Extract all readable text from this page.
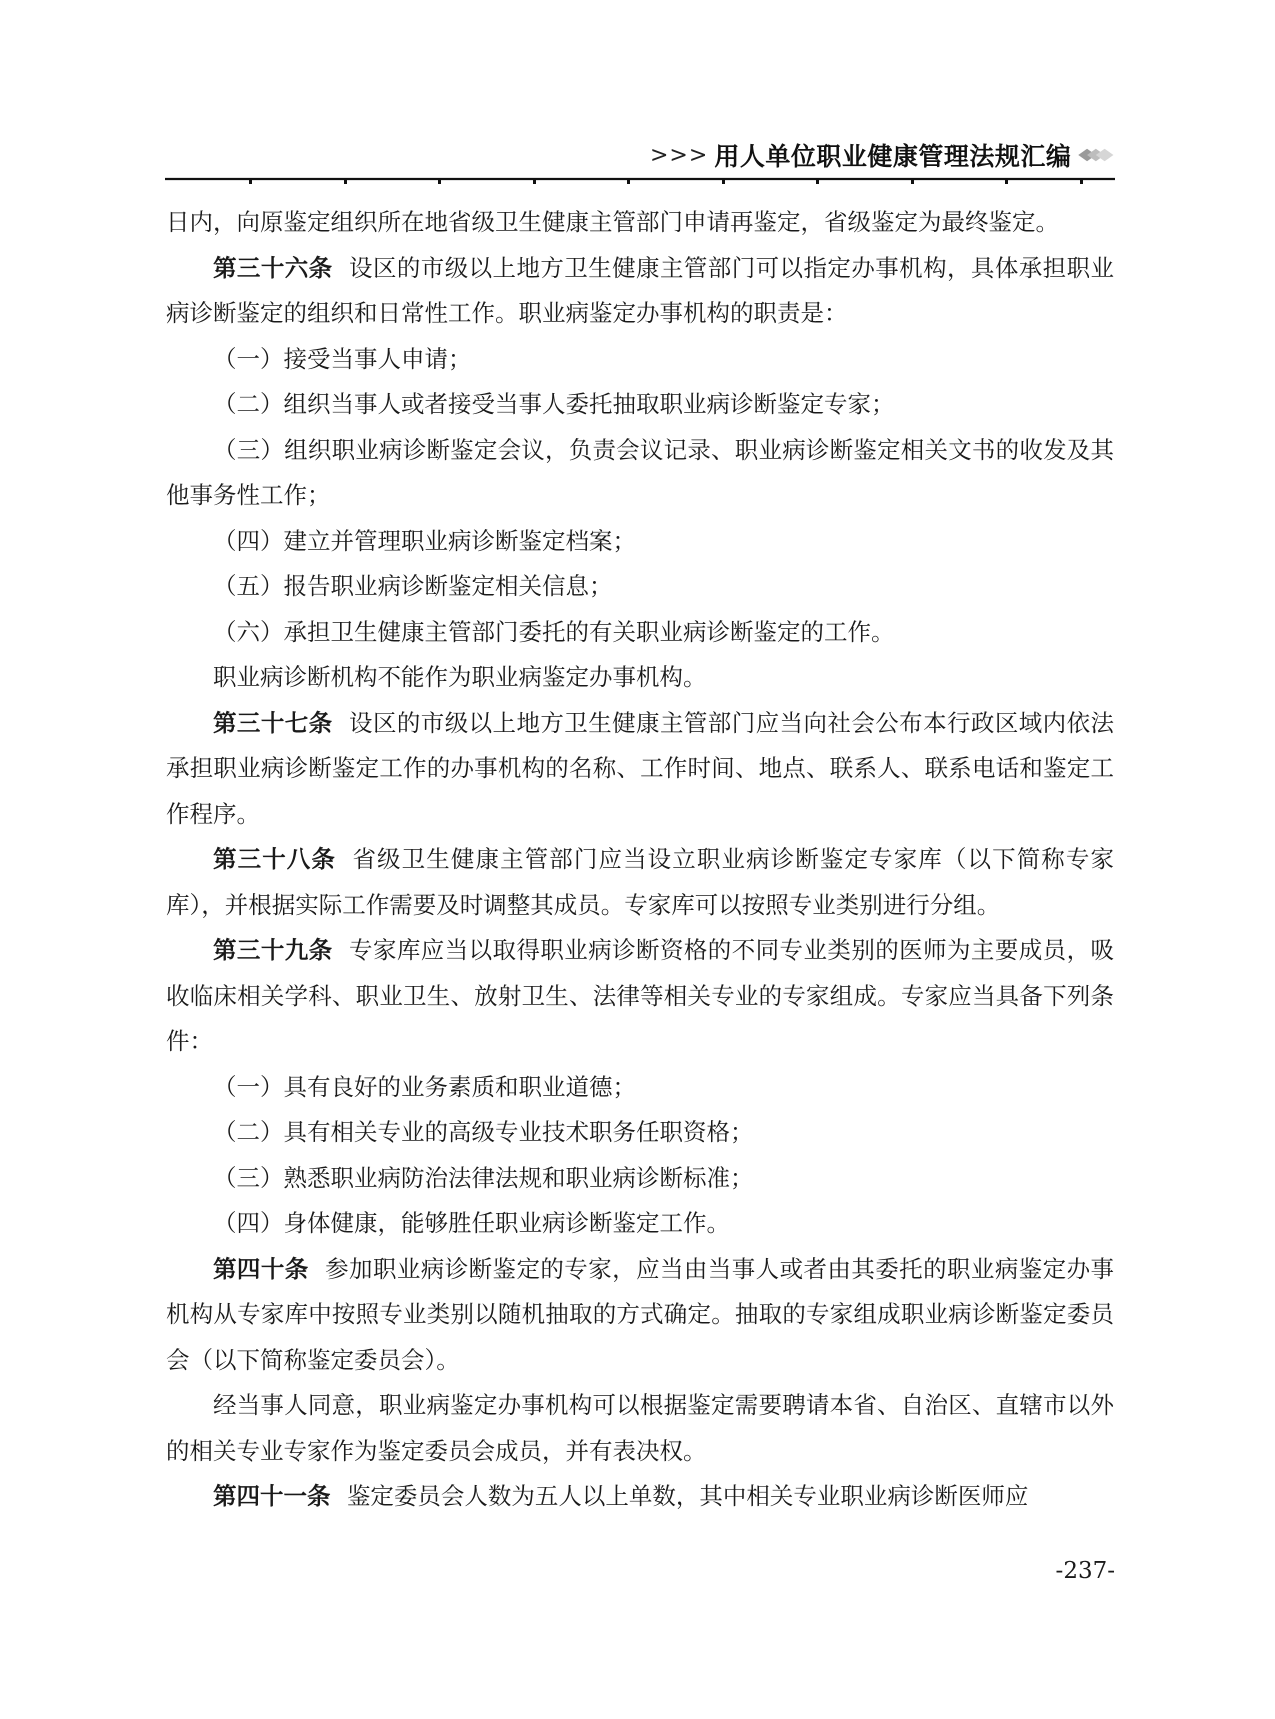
>>> 用人单位职业健康管理法规汇编

日内，向原鉴定组织所在地省级卫生健康主管部门申请再鉴定，省级鉴定为最终鉴定。

第三十六条 设区的市级以上地方卫生健康主管部门可以指定办事机构，具体承担职业病诊断鉴定的组织和日常性工作。职业病鉴定办事机构的职责是：

（一）接受当事人申请；

（二）组织当事人或者接受当事人委托抽取职业病诊断鉴定专家；

（三）组织职业病诊断鉴定会议，负责会议记录、职业病诊断鉴定相关文书的收发及其他事务性工作；

（四）建立并管理职业病诊断鉴定档案；

（五）报告职业病诊断鉴定相关信息；

（六）承担卫生健康主管部门委托的有关职业病诊断鉴定的工作。

职业病诊断机构不能作为职业病鉴定办事机构。

第三十七条 设区的市级以上地方卫生健康主管部门应当向社会公布本行政区域内依法承担职业病诊断鉴定工作的办事机构的名称、工作时间、地点、联系人、联系电话和鉴定工作程序。

第三十八条 省级卫生健康主管部门应当设立职业病诊断鉴定专家库（以下简称专家库），并根据实际工作需要及时调整其成员。专家库可以按照专业类别进行分组。

第三十九条 专家库应当以取得职业病诊断资格的不同专业类别的医师为主要成员，吸收临床相关学科、职业卫生、放射卫生、法律等相关专业的专家组成。专家应当具备下列条件：

（一）具有良好的业务素质和职业道德；

（二）具有相关专业的高级专业技术职务任职资格；

（三）熟悉职业病防治法律法规和职业病诊断标准；

（四）身体健康，能够胜任职业病诊断鉴定工作。

第四十条 参加职业病诊断鉴定的专家，应当由当事人或者由其委托的职业病鉴定办事机构从专家库中按照专业类别以随机抽取的方式确定。抽取的专家组成职业病诊断鉴定委员会（以下简称鉴定委员会）。

经当事人同意，职业病鉴定办事机构可以根据鉴定需要聘请本省、自治区、直辖市以外的相关专业专家作为鉴定委员会成员，并有表决权。

第四十一条 鉴定委员会人数为五人以上单数，其中相关专业职业病诊断医师应

-237-
